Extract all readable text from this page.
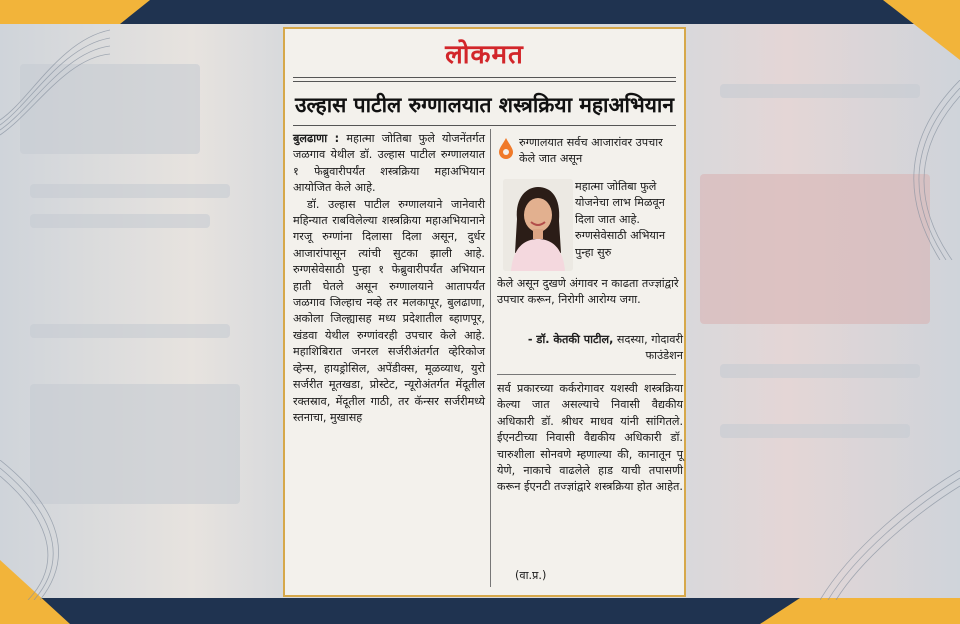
लोकमत
उल्हास पाटील रुग्णालयात शस्त्रक्रिया महाअभियान

बुलढाणा : महात्मा जोतिबा फुले योजनेंतर्गत जळगाव येथील डॉ. उल्हास पाटील रुग्णालयात १ फेब्रुवारीपर्यंत शस्त्रक्रिया महाअभियान आयोजित केले आहे.

डॉ. उल्हास पाटील रुग्णालयाने जानेवारी महिन्यात राबविलेल्या शस्त्रक्रिया महाअभियानाने गरजू रुग्णांना दिलासा दिला असून, दुर्धर आजारांपासून त्यांची सुटका झाली आहे. रुग्णसेवेसाठी पुन्हा १ फेब्रुवारीपर्यंत अभियान हाती घेतले असून रुग्णालयाने आतापर्यंत जळगाव जिल्हाच नव्हे तर मलकापूर, बुलढाणा, अकोला जिल्ह्यासह मध्य प्रदेशातील ब्हाणपूर, खंडवा येथील रुग्णांवरही उपचार केले आहे. महाशिबिरात जनरल सर्जरीअंतर्गत व्हेरिकोज व्हेन्स, हायड्रोसिल, अपेंडीक्स, मूळव्याध, युरो सर्जरीत मूतखडा, प्रोस्टेट, न्यूरोअंतर्गत मेंदूतील रक्तस्राव, मेंदूतील गाठी, तर कॅन्सर सर्जरीमध्ये स्तनाचा, मुखासह

रुग्णालयात सर्वच आजारांवर उपचार केले जात असून
महात्मा जोतिबा फुले योजनेचा लाभ मिळवून दिला जात आहे. रुग्णसेवेसाठी अभियान पुन्हा सुरु
केले असून दुखणे अंगावर न काढता तज्ज्ञांद्वारे उपचार करून, निरोगी आरोग्य जगा.
- डॉ. केतकी पाटील, सदस्या, गोदावरी फाउंडेशन
सर्व प्रकारच्या कर्करोगावर यशस्वी शस्त्रक्रिया केल्या जात असल्याचे निवासी वैद्यकीय अधिकारी डॉ. श्रीधर माधव यांनी सांगितले. ईएनटीच्या निवासी वैद्यकीय अधिकारी डॉ. चारुशीला सोनवणे म्हणाल्या की, कानातून पू येणे, नाकाचे वाढलेले हाड याची तपासणी करून ईएनटी तज्ज्ञांद्वारे शस्त्रक्रिया होत आहेत.
(वा.प्र.)
